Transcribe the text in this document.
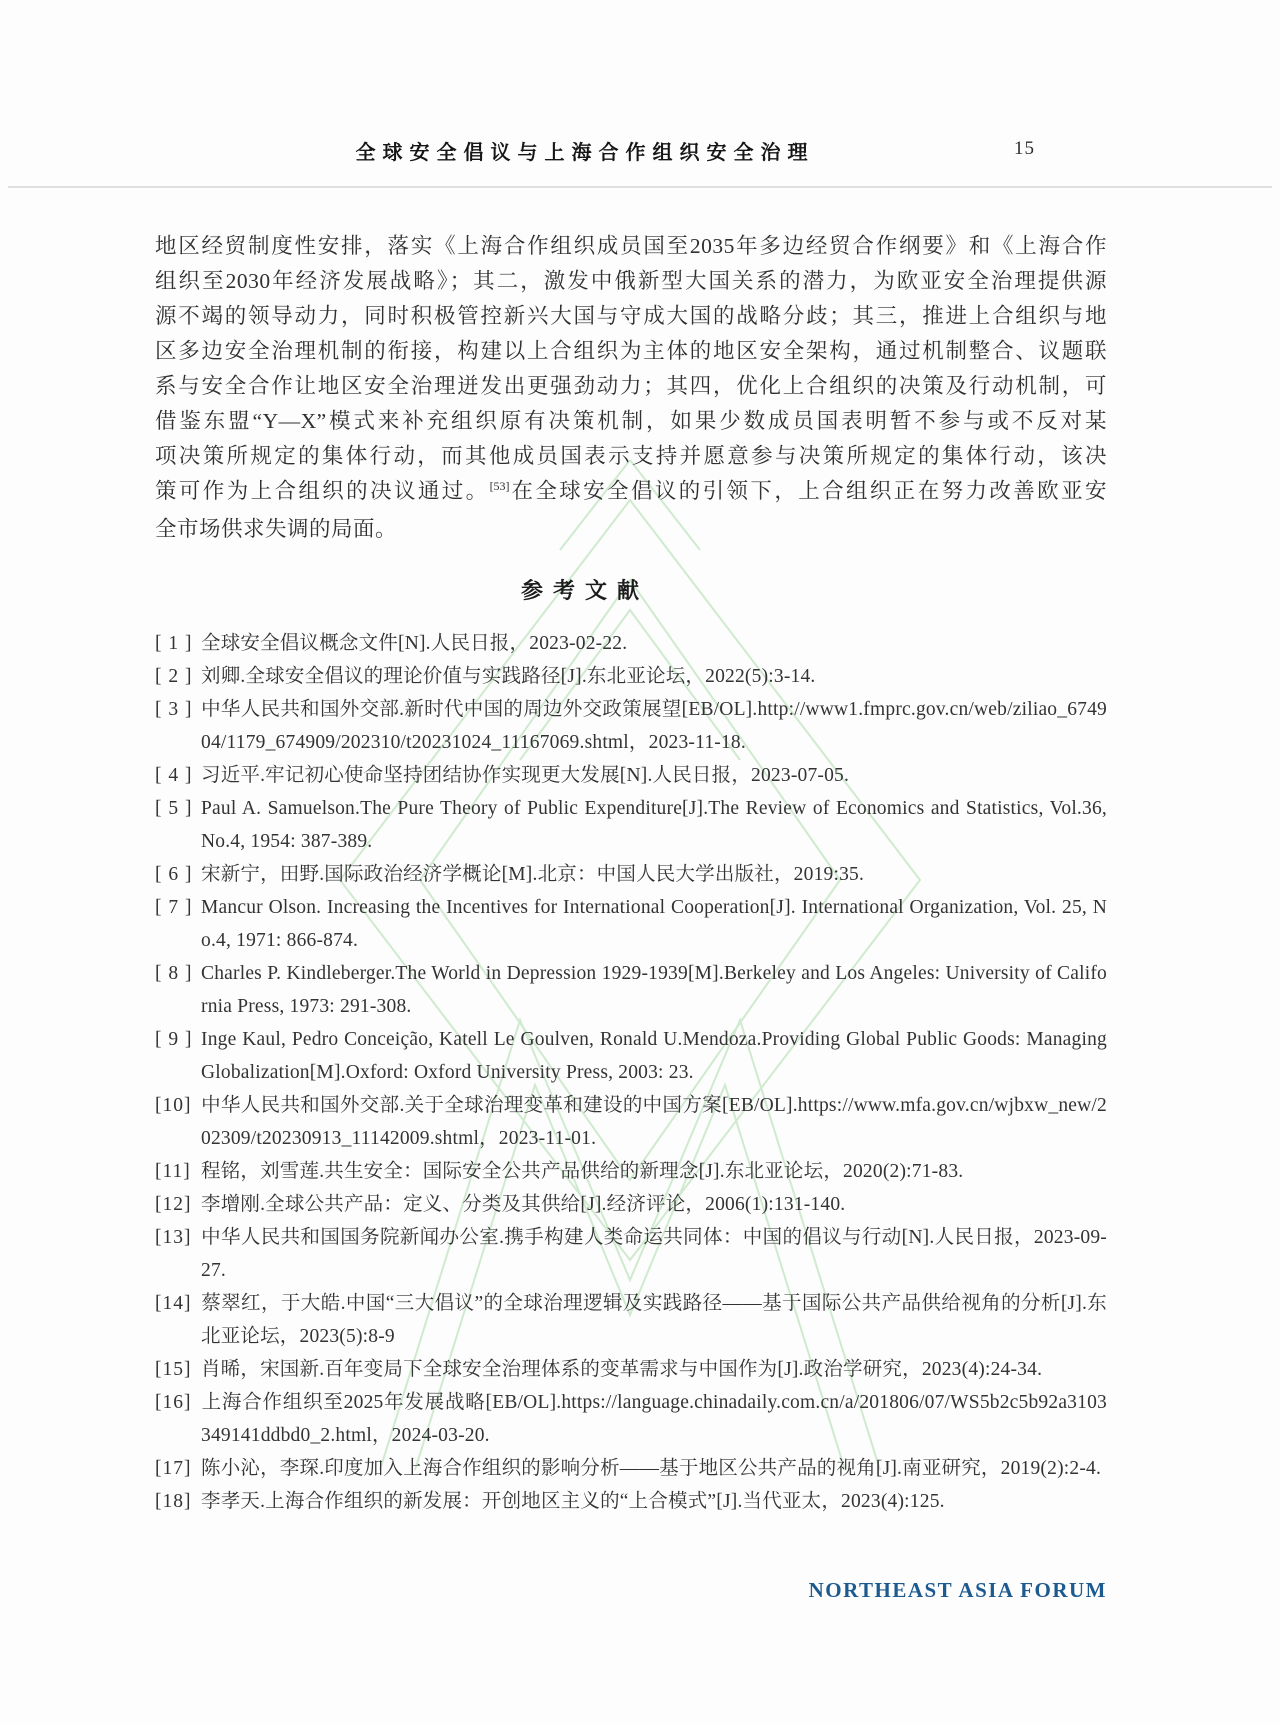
全球安全倡议与上海合作组织安全治理	15
地区经贸制度性安排，落实《上海合作组织成员国至2035年多边经贸合作纲要》和《上海合作
组织至2030年经济发展战略》；其二，激发中俄新型大国关系的潜力，为欧亚安全治理提供源
源不竭的领导动力，同时积极管控新兴大国与守成大国的战略分歧；其三，推进上合组织与地
区多边安全治理机制的衔接，构建以上合组织为主体的地区安全架构，通过机制整合、议题联
系与安全合作让地区安全治理迸发出更强劲动力；其四，优化上合组织的决策及行动机制，可
借鉴东盟“Y—X”模式来补充组织原有决策机制，如果少数成员国表明暂不参与或不反对某
项决策所规定的集体行动，而其他成员国表示支持并愿意参与决策所规定的集体行动，该决
策可作为上合组织的决议通过。[53]在全球安全倡议的引领下，上合组织正在努力改善欧亚安
全市场供求失调的局面。
参考文献
[ 1 ] 全球安全倡议概念文件[N].人民日报，2023-02-22.
[ 2 ] 刘卿.全球安全倡议的理论价值与实践路径[J].东北亚论坛，2022(5):3-14.
[ 3 ] 中华人民共和国外交部.新时代中国的周边外交政策展望[EB/OL].http://www1.fmprc.gov.cn/web/ziliao_674904/1179_674909/202310/t20231024_11167069.shtml，2023-11-18.
[ 4 ] 习近平.牢记初心使命坚持团结协作实现更大发展[N].人民日报，2023-07-05.
[ 5 ] Paul A. Samuelson.The Pure Theory of Public Expenditure[J].The Review of Economics and Statistics, Vol.36, No.4, 1954: 387-389.
[ 6 ] 宋新宁，田野.国际政治经济学概论[M].北京：中国人民大学出版社，2019:35.
[ 7 ] Mancur Olson. Increasing the Incentives for International Cooperation[J]. International Organization, Vol. 25, No.4, 1971: 866-874.
[ 8 ] Charles P. Kindleberger.The World in Depression 1929-1939[M].Berkeley and Los Angeles: University of California Press, 1973: 291-308.
[ 9 ] Inge Kaul, Pedro Conceição, Katell Le Goulven, Ronald U.Mendoza.Providing Global Public Goods: Managing Globalization[M].Oxford: Oxford University Press, 2003: 23.
[10] 中华人民共和国外交部.关于全球治理变革和建设的中国方案[EB/OL].https://www.mfa.gov.cn/wjbxw_new/202309/t20230913_11142009.shtml，2023-11-01.
[11] 程铭，刘雪莲.共生安全：国际安全公共产品供给的新理念[J].东北亚论坛，2020(2):71-83.
[12] 李增刚.全球公共产品：定义、分类及其供给[J].经济评论，2006(1):131-140.
[13] 中华人民共和国国务院新闻办公室.携手构建人类命运共同体：中国的倡议与行动[N].人民日报，2023-09-27.
[14] 蔡翠红，于大皓.中国“三大倡议”的全球治理逻辑及实践路径——基于国际公共产品供给视角的分析[J].东北亚论坛，2023(5):8-9
[15] 肖晞，宋国新.百年变局下全球安全治理体系的变革需求与中国作为[J].政治学研究，2023(4):24-34.
[16] 上海合作组织至2025年发展战略[EB/OL].https://language.chinadaily.com.cn/a/201806/07/WS5b2c5b92a3103349141ddbd0_2.html，2024-03-20.
[17] 陈小沁，李琛.印度加入上海合作组织的影响分析——基于地区公共产品的视角[J].南亚研究，2019(2):2-4.
[18] 李孝天.上海合作组织的新发展：开创地区主义的“上合模式”[J].当代亚太，2023(4):125.
NORTHEAST ASIA FORUM
